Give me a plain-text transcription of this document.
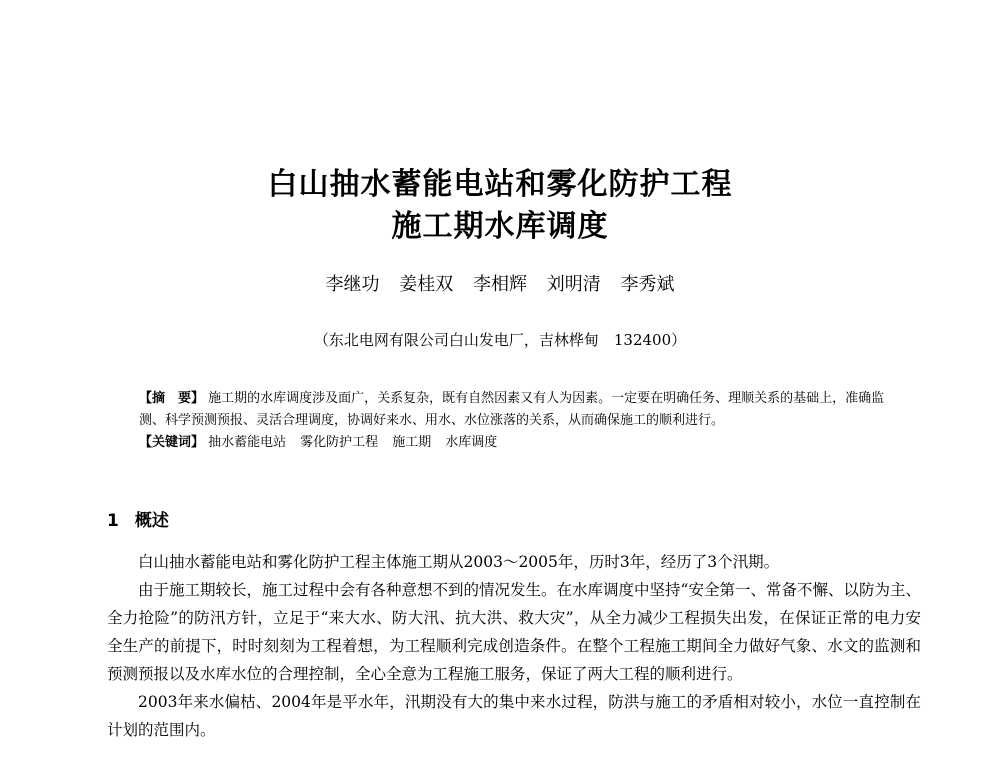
白山抽水蓄能电站和雾化防护工程
施工期水库调度
李继功 姜桂双 李相辉 刘明清 李秀斌
（东北电网有限公司白山发电厂，吉林桦甸　132400）

【摘　要】 施工期的水库调度涉及面广，关系复杂，既有自然因素又有人为因素。一定要在明确任务、理顺关系的基础上，准确监测、科学预测预报、灵活合理调度，协调好来水、用水、水位涨落的关系，从而确保施工的顺利进行。

【关键词】 抽水蓄能电站 雾化防护工程 施工期 水库调度

1 概述

白山抽水蓄能电站和雾化防护工程主体施工期从2003～2005年，历时3年，经历了3个汛期。

由于施工期较长，施工过程中会有各种意想不到的情况发生。在水库调度中坚持“安全第一、常备不懈、以防为主、全力抢险”的防汛方针，立足于“来大水、防大汛、抗大洪、救大灾”，从全力减少工程损失出发，在保证正常的电力安全生产的前提下，时时刻刻为工程着想，为工程顺利完成创造条件。在整个工程施工期间全力做好气象、水文的监测和预测预报以及水库水位的合理控制，全心全意为工程施工服务，保证了两大工程的顺利进行。

2003年来水偏枯、2004年是平水年，汛期没有大的集中来水过程，防洪与施工的矛盾相对较小，水位一直控制在计划的范围内。
